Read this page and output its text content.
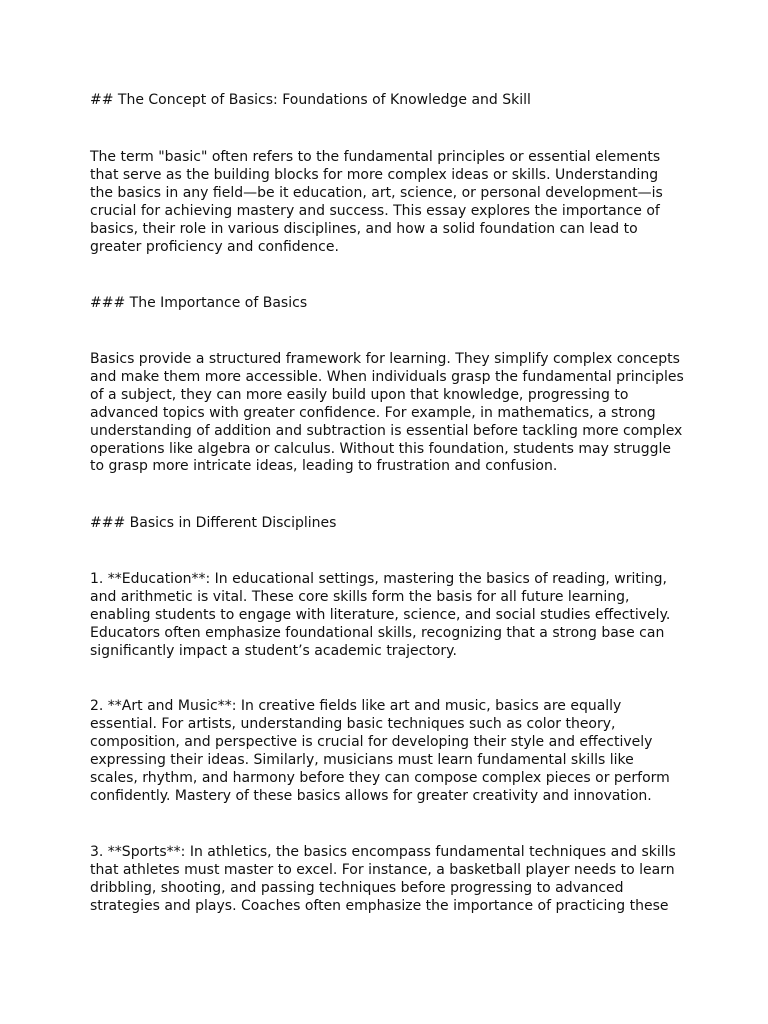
## The Concept of Basics: Foundations of Knowledge and Skill

The term "basic" often refers to the fundamental principles or essential elements
that serve as the building blocks for more complex ideas or skills. Understanding
the basics in any field—be it education, art, science, or personal development—is
crucial for achieving mastery and success. This essay explores the importance of
basics, their role in various disciplines, and how a solid foundation can lead to
greater proficiency and confidence.

### The Importance of Basics

Basics provide a structured framework for learning. They simplify complex concepts
and make them more accessible. When individuals grasp the fundamental principles
of a subject, they can more easily build upon that knowledge, progressing to
advanced topics with greater confidence. For example, in mathematics, a strong
understanding of addition and subtraction is essential before tackling more complex
operations like algebra or calculus. Without this foundation, students may struggle
to grasp more intricate ideas, leading to frustration and confusion.

### Basics in Different Disciplines

1. **Education**: In educational settings, mastering the basics of reading, writing,
and arithmetic is vital. These core skills form the basis for all future learning,
enabling students to engage with literature, science, and social studies effectively.
Educators often emphasize foundational skills, recognizing that a strong base can
significantly impact a student’s academic trajectory.

2. **Art and Music**: In creative fields like art and music, basics are equally
essential. For artists, understanding basic techniques such as color theory,
composition, and perspective is crucial for developing their style and effectively
expressing their ideas. Similarly, musicians must learn fundamental skills like
scales, rhythm, and harmony before they can compose complex pieces or perform
confidently. Mastery of these basics allows for greater creativity and innovation.

3. **Sports**: In athletics, the basics encompass fundamental techniques and skills
that athletes must master to excel. For instance, a basketball player needs to learn
dribbling, shooting, and passing techniques before progressing to advanced
strategies and plays. Coaches often emphasize the importance of practicing these
